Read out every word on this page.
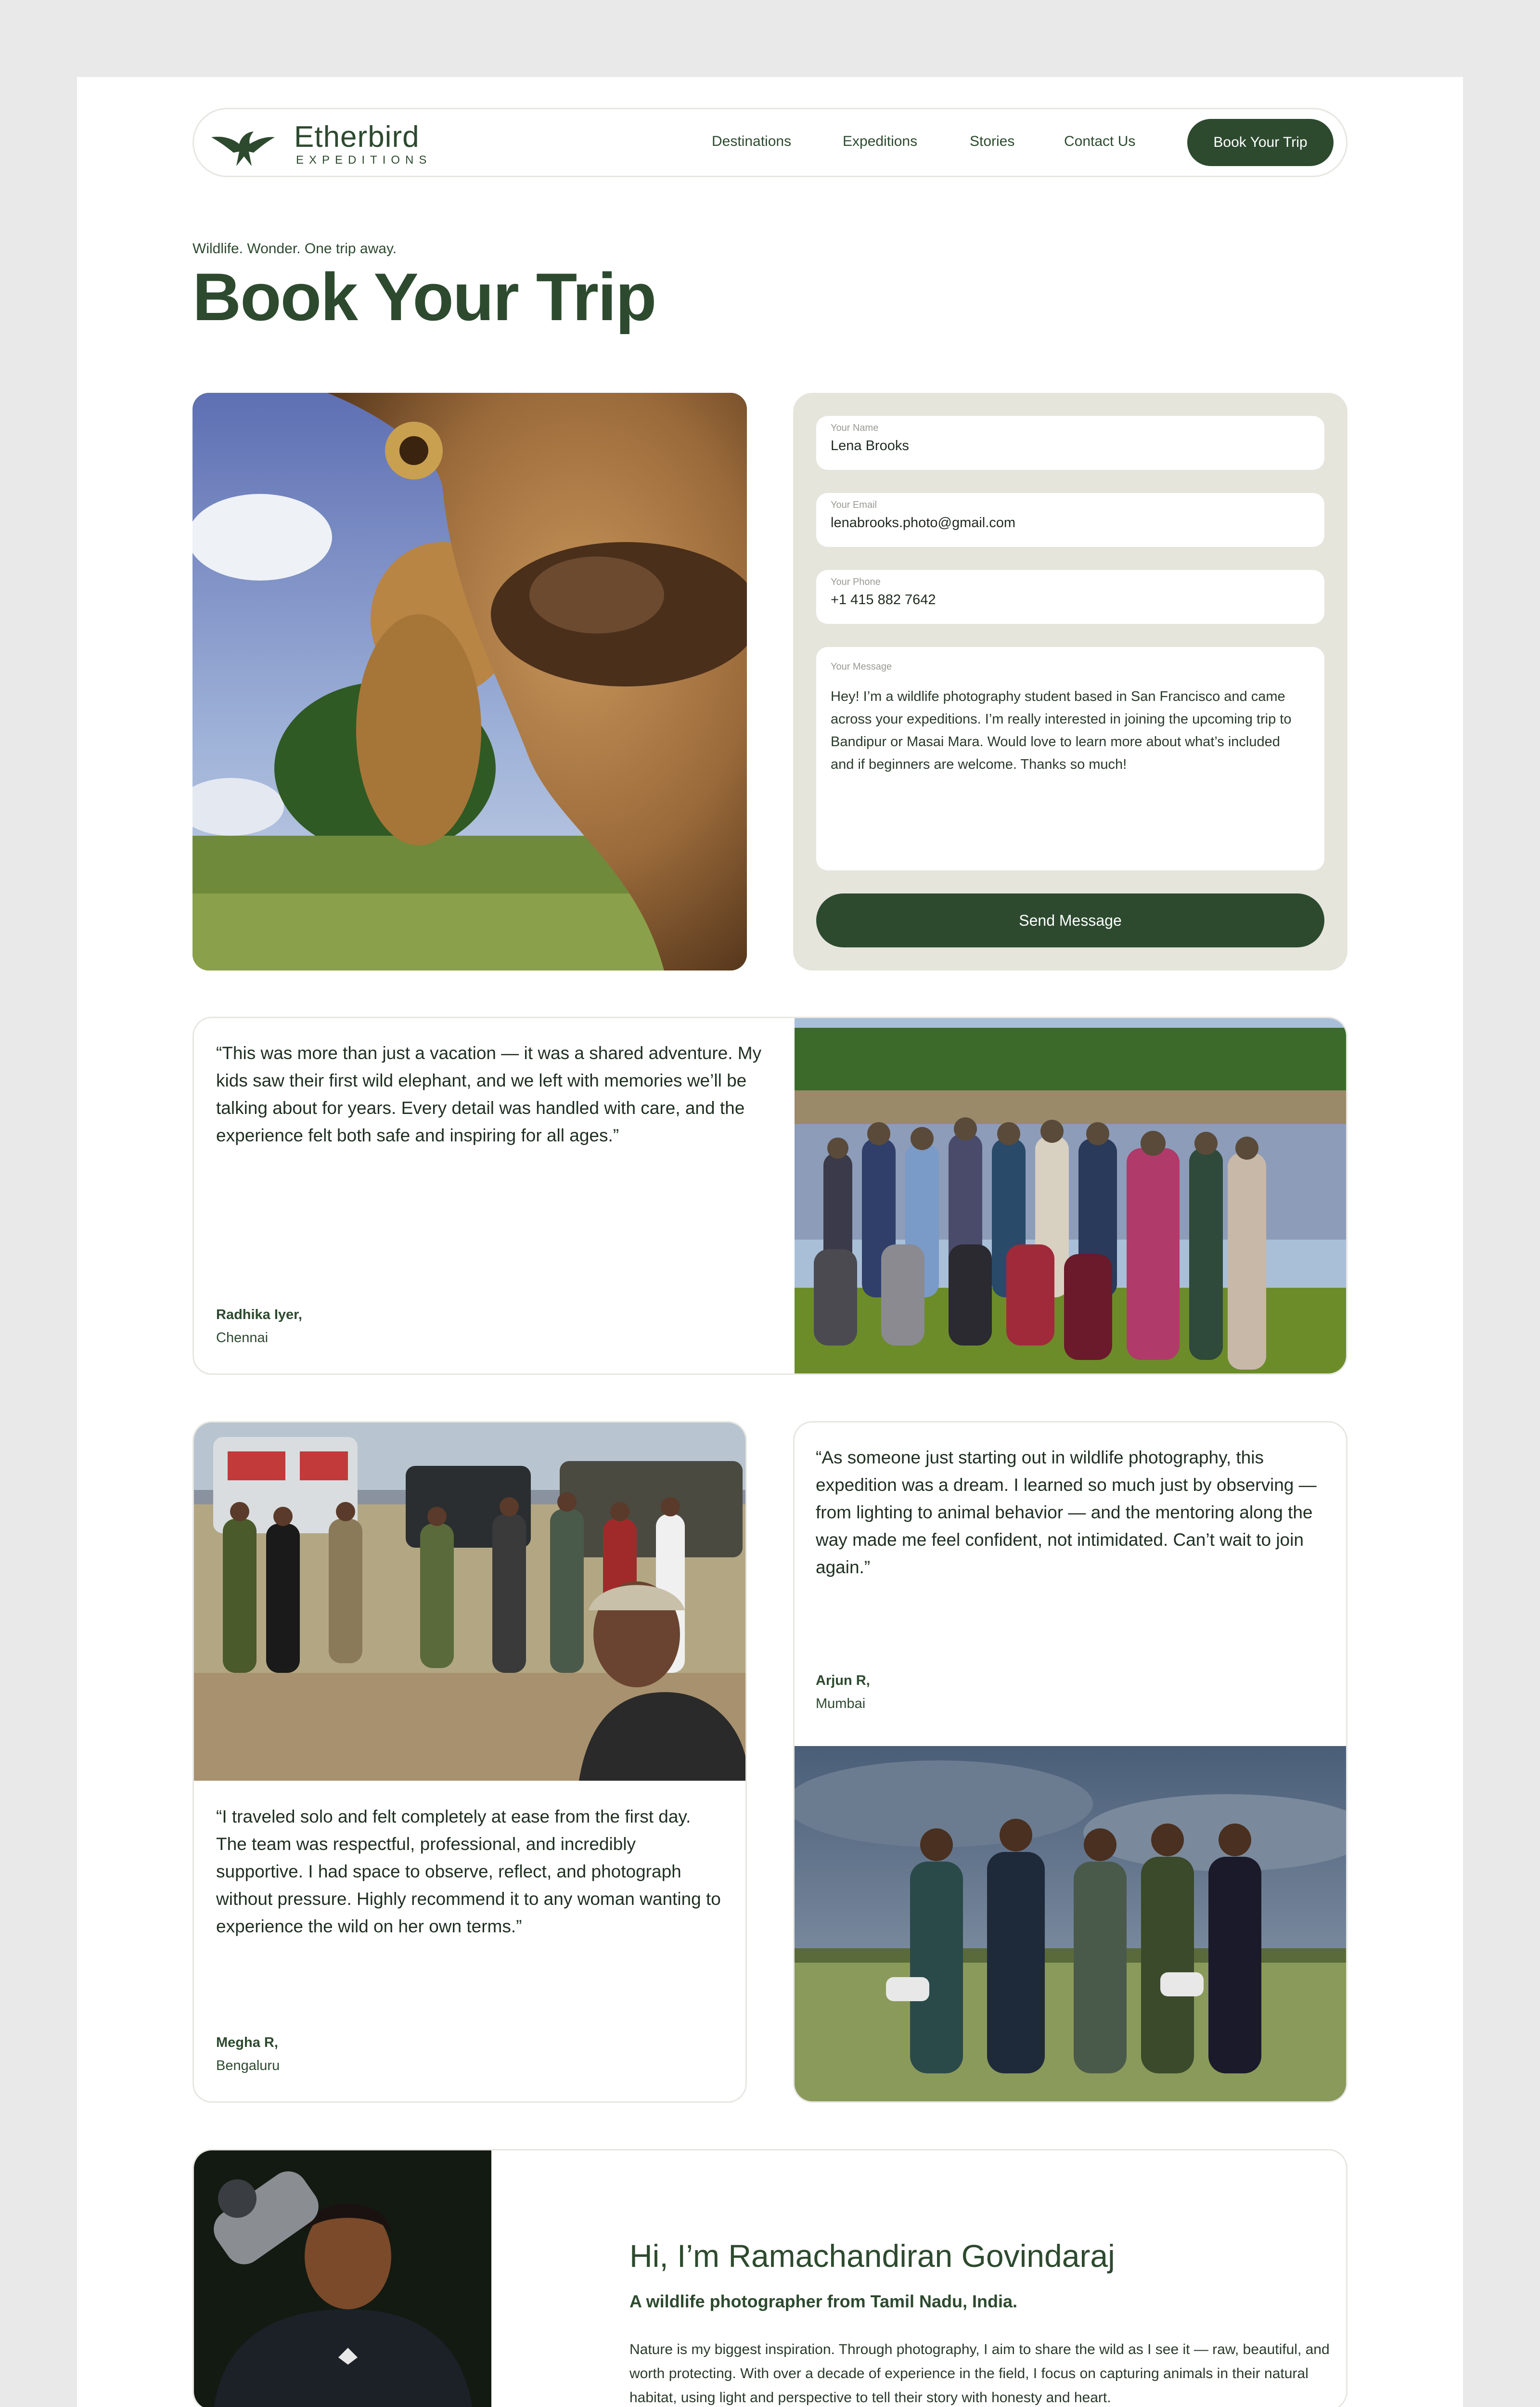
Etherbird
EXPEDITIONS
Destinations	Expeditions	Stories	Contact Us	Book Your Trip
Wildlife. Wonder. One trip away.
Book Your Trip
Your Name
Lena Brooks
Your Email
lenabrooks.photo@gmail.com
Your Phone
+1 415 882 7642
Your Message
Hey! I’m a wildlife photography student based in San Francisco and came across your expeditions. I’m really interested in joining the upcoming trip to Bandipur or Masai Mara. Would love to learn more about what’s included and if beginners are welcome. Thanks so much!
Send Message
“This was more than just a vacation — it was a shared adventure. My kids saw their first wild elephant, and we left with memories we’ll be talking about for years. Every detail was handled with care, and the experience felt both safe and inspiring for all ages.”
Radhika Iyer,
Chennai
“I traveled solo and felt completely at ease from the first day. The team was respectful, professional, and incredibly supportive. I had space to observe, reflect, and photograph without pressure. Highly recommend it to any woman wanting to experience the wild on her own terms.”
Megha R,
Bengaluru
“As someone just starting out in wildlife photography, this expedition was a dream. I learned so much just by observing — from lighting to animal behavior — and the mentoring along the way made me feel confident, not intimidated. Can’t wait to join again.”
Arjun R,
Mumbai
Hi, I’m Ramachandiran Govindaraj
A wildlife photographer from Tamil Nadu, India.
Nature is my biggest inspiration. Through photography, I aim to share the wild as I see it — raw, beautiful, and worth protecting. With over a decade of experience in the field, I focus on capturing animals in their natural habitat, using light and perspective to tell their story with honesty and heart.
